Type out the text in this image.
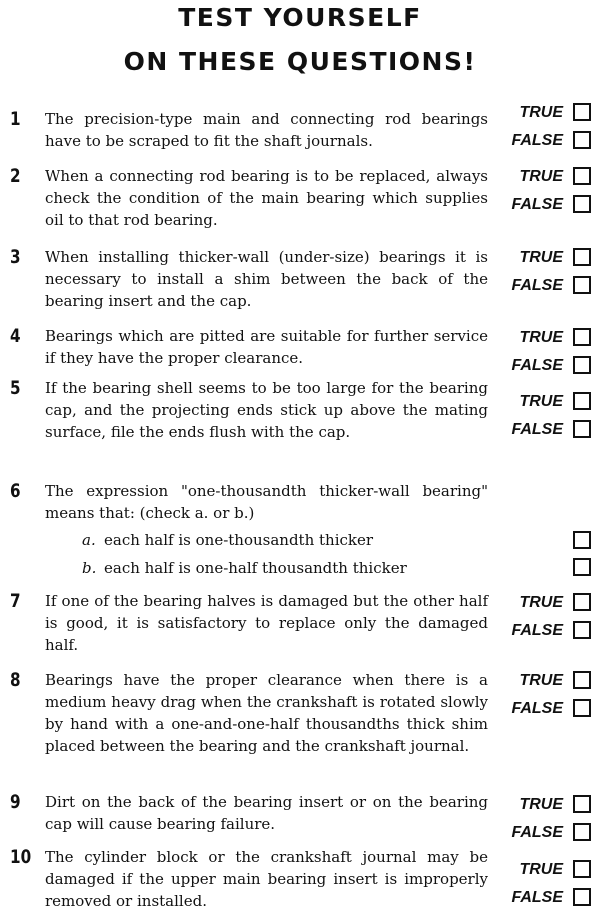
TEST YOURSELF
ON THESE QUESTIONS!
1	The precision-type main and connecting rod bearings have to be scraped to fit the shaft journals.
TRUE
FALSE
2	When a connecting rod bearing is to be replaced, always check the condition of the main bearing which supplies oil to that rod bearing.
TRUE
FALSE
3	When installing thicker-wall (under-size) bearings it is necessary to install a shim between the back of the bearing insert and the cap.
TRUE
FALSE
4	Bearings which are pitted are suitable for further service if they have the proper clearance.
TRUE
FALSE
5	If the bearing shell seems to be too large for the bearing cap, and the projecting ends stick up above the mating surface, file the ends flush with the cap.
TRUE
FALSE
6	The expression "one-thousandth thicker-wall bearing" means that: (check a. or b.)
a. each half is one-thousandth thicker
b. each half is one-half thousandth thicker
7	If one of the bearing halves is damaged but the other half is good, it is satisfactory to replace only the damaged half.
TRUE
FALSE
8	Bearings have the proper clearance when there is a medium heavy drag when the crankshaft is rotated slowly by hand with a one-and-one-half thousandths thick shim placed between the bearing and the crankshaft journal.
TRUE
FALSE
9	Dirt on the back of the bearing insert or on the bearing cap will cause bearing failure.
TRUE
FALSE
10 The cylinder block or the crankshaft journal may be damaged if the upper main bearing insert is improperly removed or installed.
TRUE
FALSE
